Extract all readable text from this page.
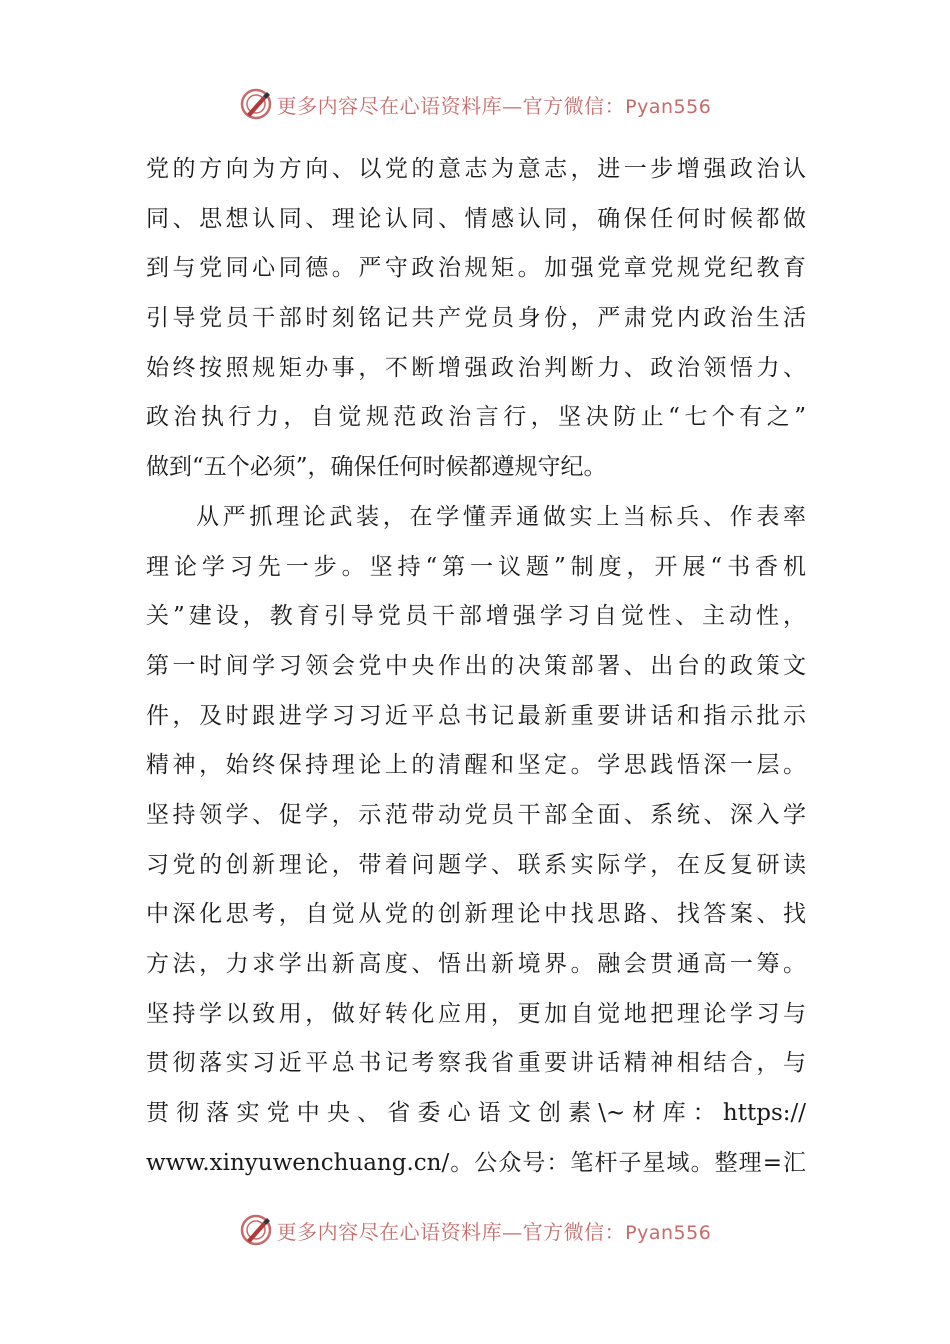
更多内容尽在心语资料库—官方微信：Pyan556
党的方向为方向、以党的意志为意志，进一步增强政治认
同、思想认同、理论认同、情感认同，确保任何时候都做
到与党同心同德。严守政治规矩。加强党章党规党纪教育
引导党员干部时刻铭记共产党员身份，严肃党内政治生活
始终按照规矩办事，不断增强政治判断力、政治领悟力、
政治执行力，自觉规范政治言行，坚决防止“七个有之”
做到“五个必须”，确保任何时候都遵规守纪。
从严抓理论武装，在学懂弄通做实上当标兵、作表率
理论学习先一步。坚持“第一议题”制度，开展“书香机
关”建设，教育引导党员干部增强学习自觉性、主动性，
第一时间学习领会党中央作出的决策部署、出台的政策文
件，及时跟进学习习近平总书记最新重要讲话和指示批示
精神，始终保持理论上的清醒和坚定。学思践悟深一层。
坚持领学、促学，示范带动党员干部全面、系统、深入学
习党的创新理论，带着问题学、联系实际学，在反复研读
中深化思考，自觉从党的创新理论中找思路、找答案、找
方法，力求学出新高度、悟出新境界。融会贯通高一筹。
坚持学以致用，做好转化应用，更加自觉地把理论学习与
贯彻落实习近平总书记考察我省重要讲话精神相结合，与
贯彻落实党中央、省委心语文创素\~材库：https://
www.xinyuwenchuang.cn/。公众号：笔杆子星域。整理=汇
更多内容尽在心语资料库—官方微信：Pyan556
